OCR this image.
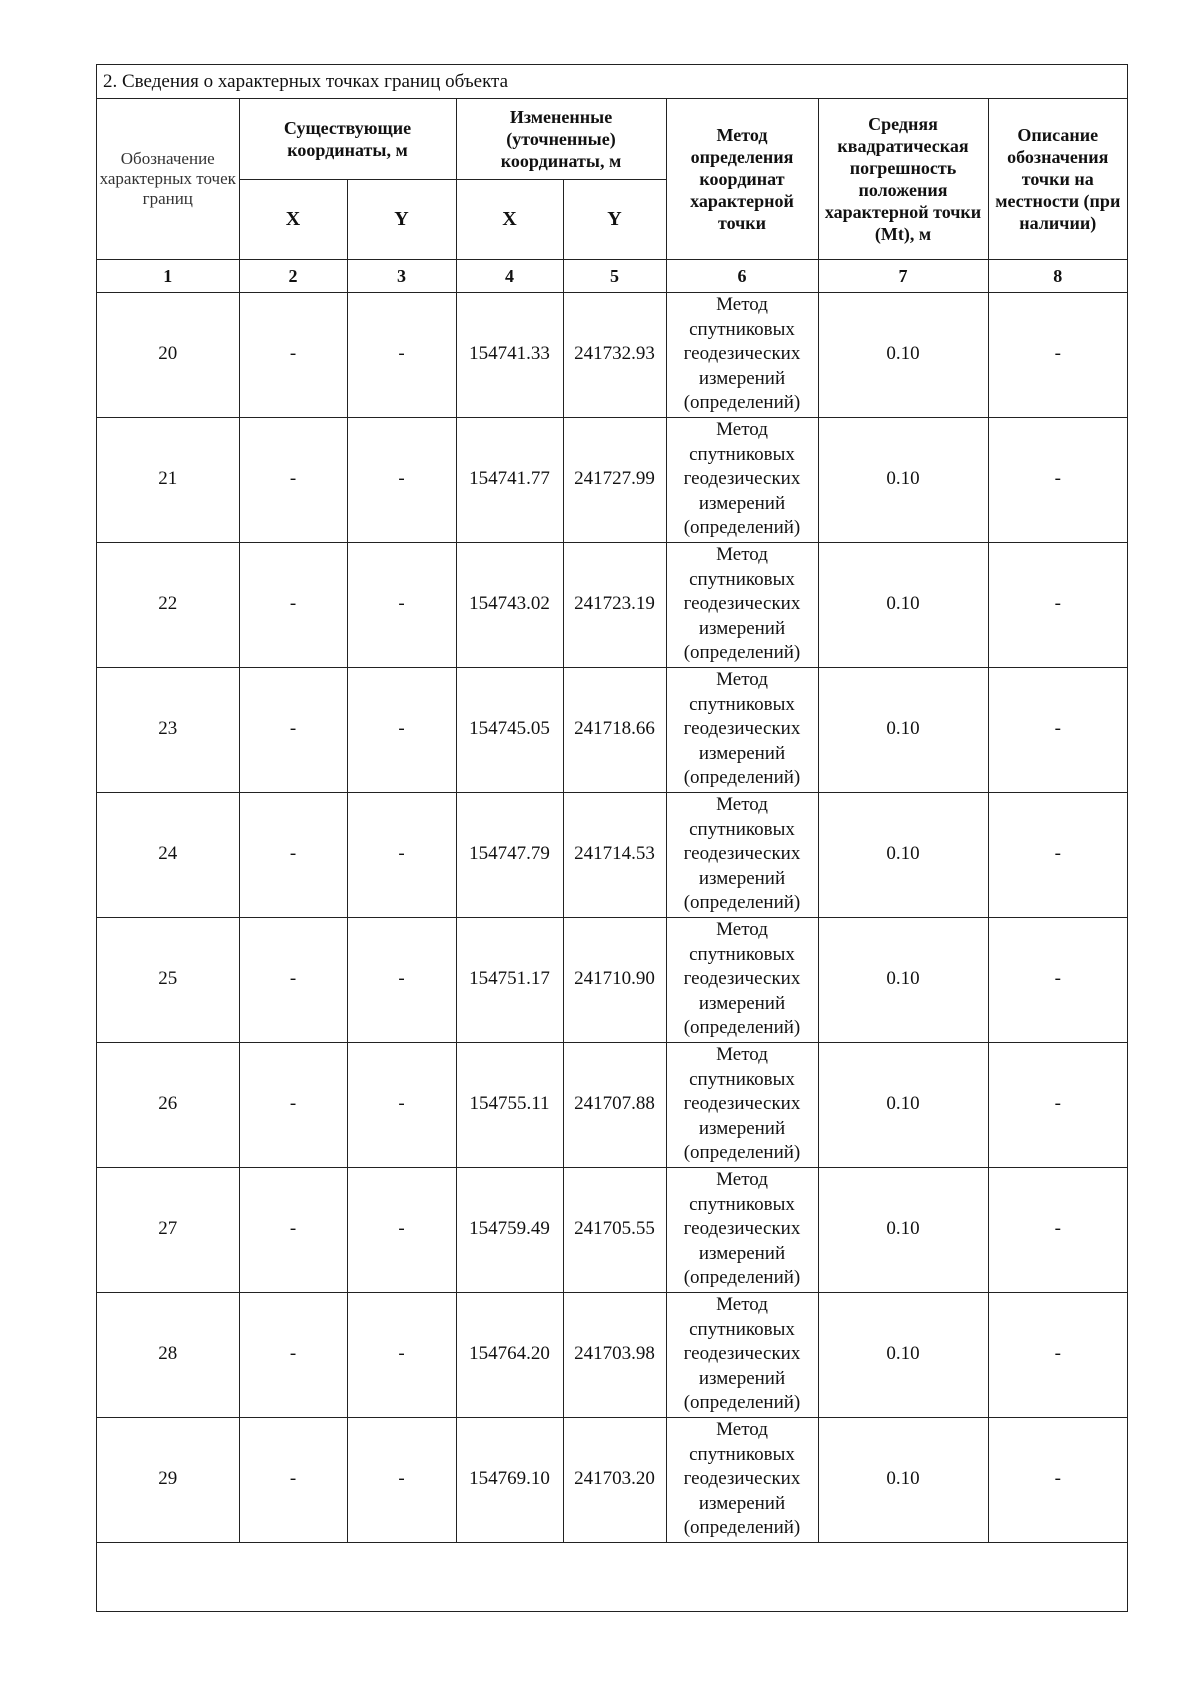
2. Сведения о характерных точках границ объекта
Обозначение характерных точек границ	Существующие координаты, м		Измененные (уточненные) координаты, м		Метод определения координат характерной точки	Средняя квадратическая погрешность положения характерной точки (Mt), м	Описание обозначения точки на местности (при наличии)
	X	Y	X	Y			
1	2	3	4	5	6	7	8
20	-	-	154741.33	241732.93	Метод спутниковых геодезических измерений (определений)	0.10	-
21	-	-	154741.77	241727.99	Метод спутниковых геодезических измерений (определений)	0.10	-
22	-	-	154743.02	241723.19	Метод спутниковых геодезических измерений (определений)	0.10	-
23	-	-	154745.05	241718.66	Метод спутниковых геодезических измерений (определений)	0.10	-
24	-	-	154747.79	241714.53	Метод спутниковых геодезических измерений (определений)	0.10	-
25	-	-	154751.17	241710.90	Метод спутниковых геодезических измерений (определений)	0.10	-
26	-	-	154755.11	241707.88	Метод спутниковых геодезических измерений (определений)	0.10	-
27	-	-	154759.49	241705.55	Метод спутниковых геодезических измерений (определений)	0.10	-
28	-	-	154764.20	241703.98	Метод спутниковых геодезических измерений (определений)	0.10	-
29	-	-	154769.10	241703.20	Метод спутниковых геодезических измерений (определений)	0.10	-
